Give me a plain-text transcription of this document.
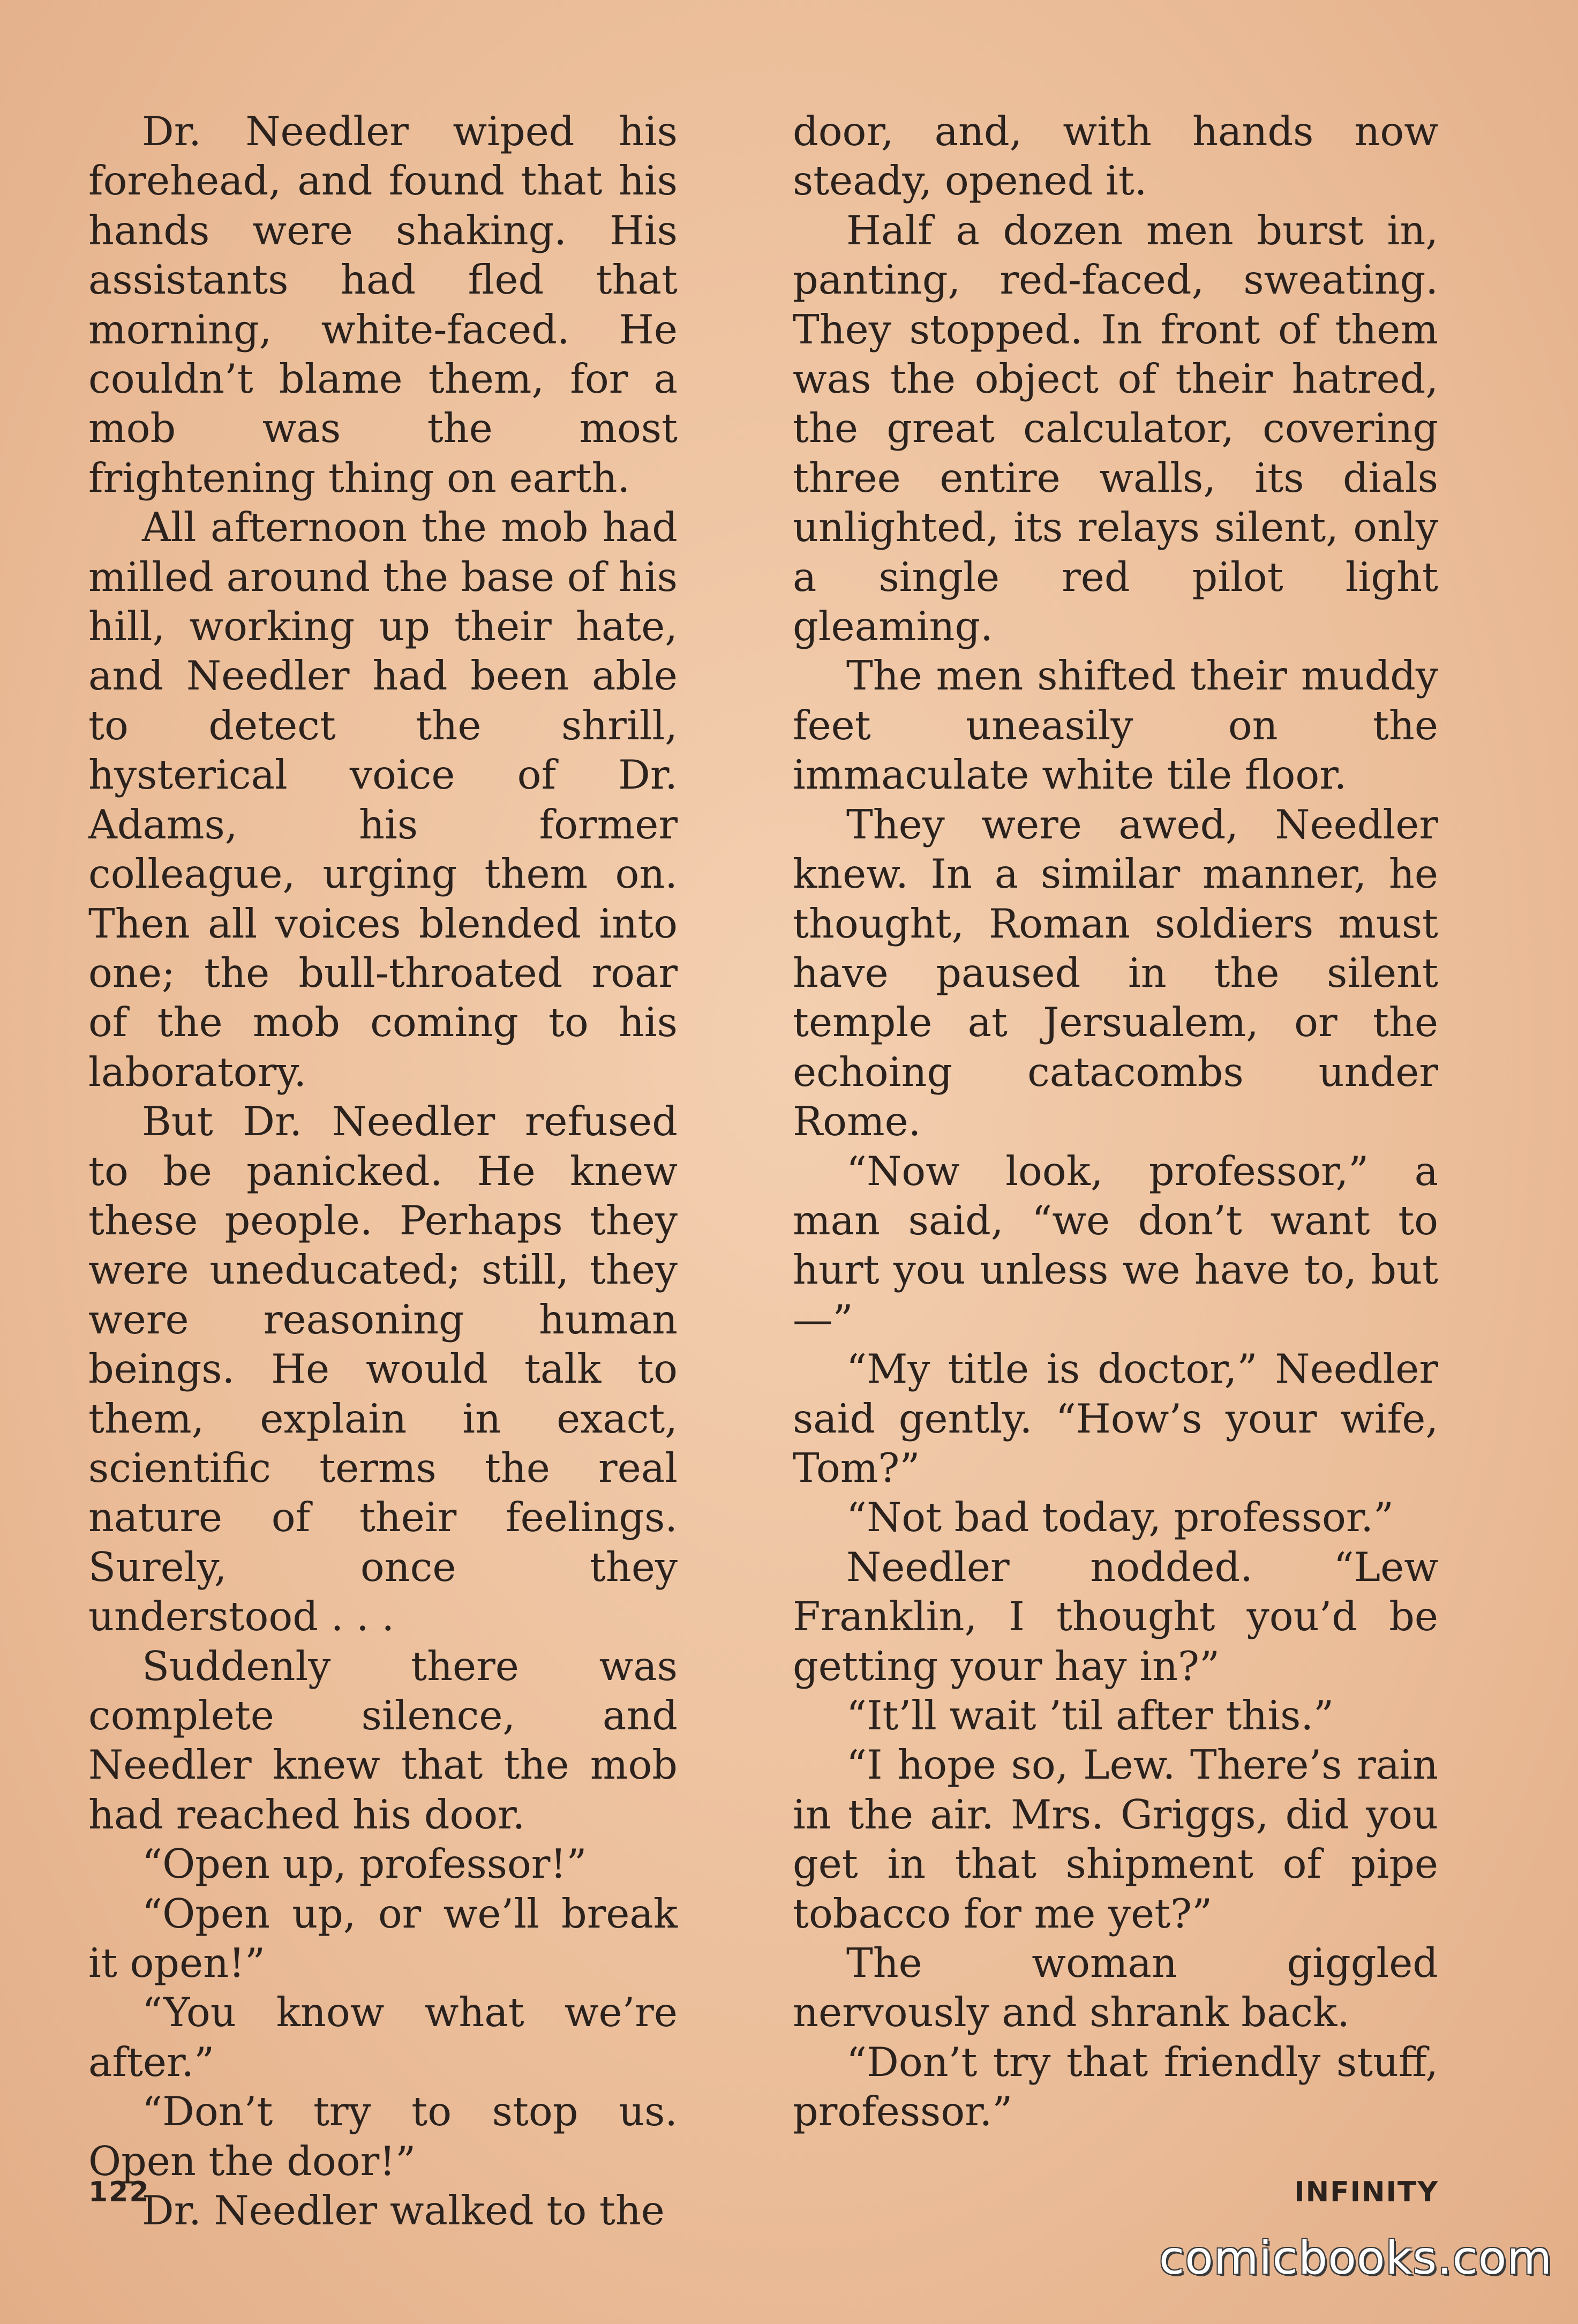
Dr. Needler wiped his forehead, and found that his hands were shaking. His assistants had fled that morning, white-faced. He couldn’t blame them, for a mob was the most frightening thing on earth.

All afternoon the mob had milled around the base of his hill, working up their hate, and Needler had been able to detect the shrill, hysterical voice of Dr. Adams, his former colleague, urging them on. Then all voices blended into one; the bull-throated roar of the mob coming to his laboratory.

But Dr. Needler refused to be panicked. He knew these people. Perhaps they were uneducated; still, they were reasoning human beings. He would talk to them, explain in exact, scientific terms the real nature of their feelings. Surely, once they understood . . .

Suddenly there was complete silence, and Needler knew that the mob had reached his door.

“Open up, professor!”

“Open up, or we’ll break it open!”

“You know what we’re after.”

“Don’t try to stop us. Open the door!”

Dr. Needler walked to the

door, and, with hands now steady, opened it.

Half a dozen men burst in, panting, red-faced, sweating. They stopped. In front of them was the object of their hatred, the great calculator, covering three entire walls, its dials unlighted, its relays silent, only a single red pilot light gleaming.

The men shifted their muddy feet uneasily on the immaculate white tile floor.

They were awed, Needler knew. In a similar manner, he thought, Roman soldiers must have paused in the silent temple at Jersualem, or the echoing catacombs under Rome.

“Now look, professor,” a man said, “we don’t want to hurt you unless we have to, but—”

“My title is doctor,” Needler said gently. “How’s your wife, Tom?”

“Not bad today, professor.”

Needler nodded. “Lew Franklin, I thought you’d be getting your hay in?”

“It’ll wait ’til after this.”

“I hope so, Lew. There’s rain in the air. Mrs. Griggs, did you get in that shipment of pipe tobacco for me yet?”

The woman giggled nervously and shrank back.

“Don’t try that friendly stuff, professor.”

122	INFINITY
comicbooks.com
